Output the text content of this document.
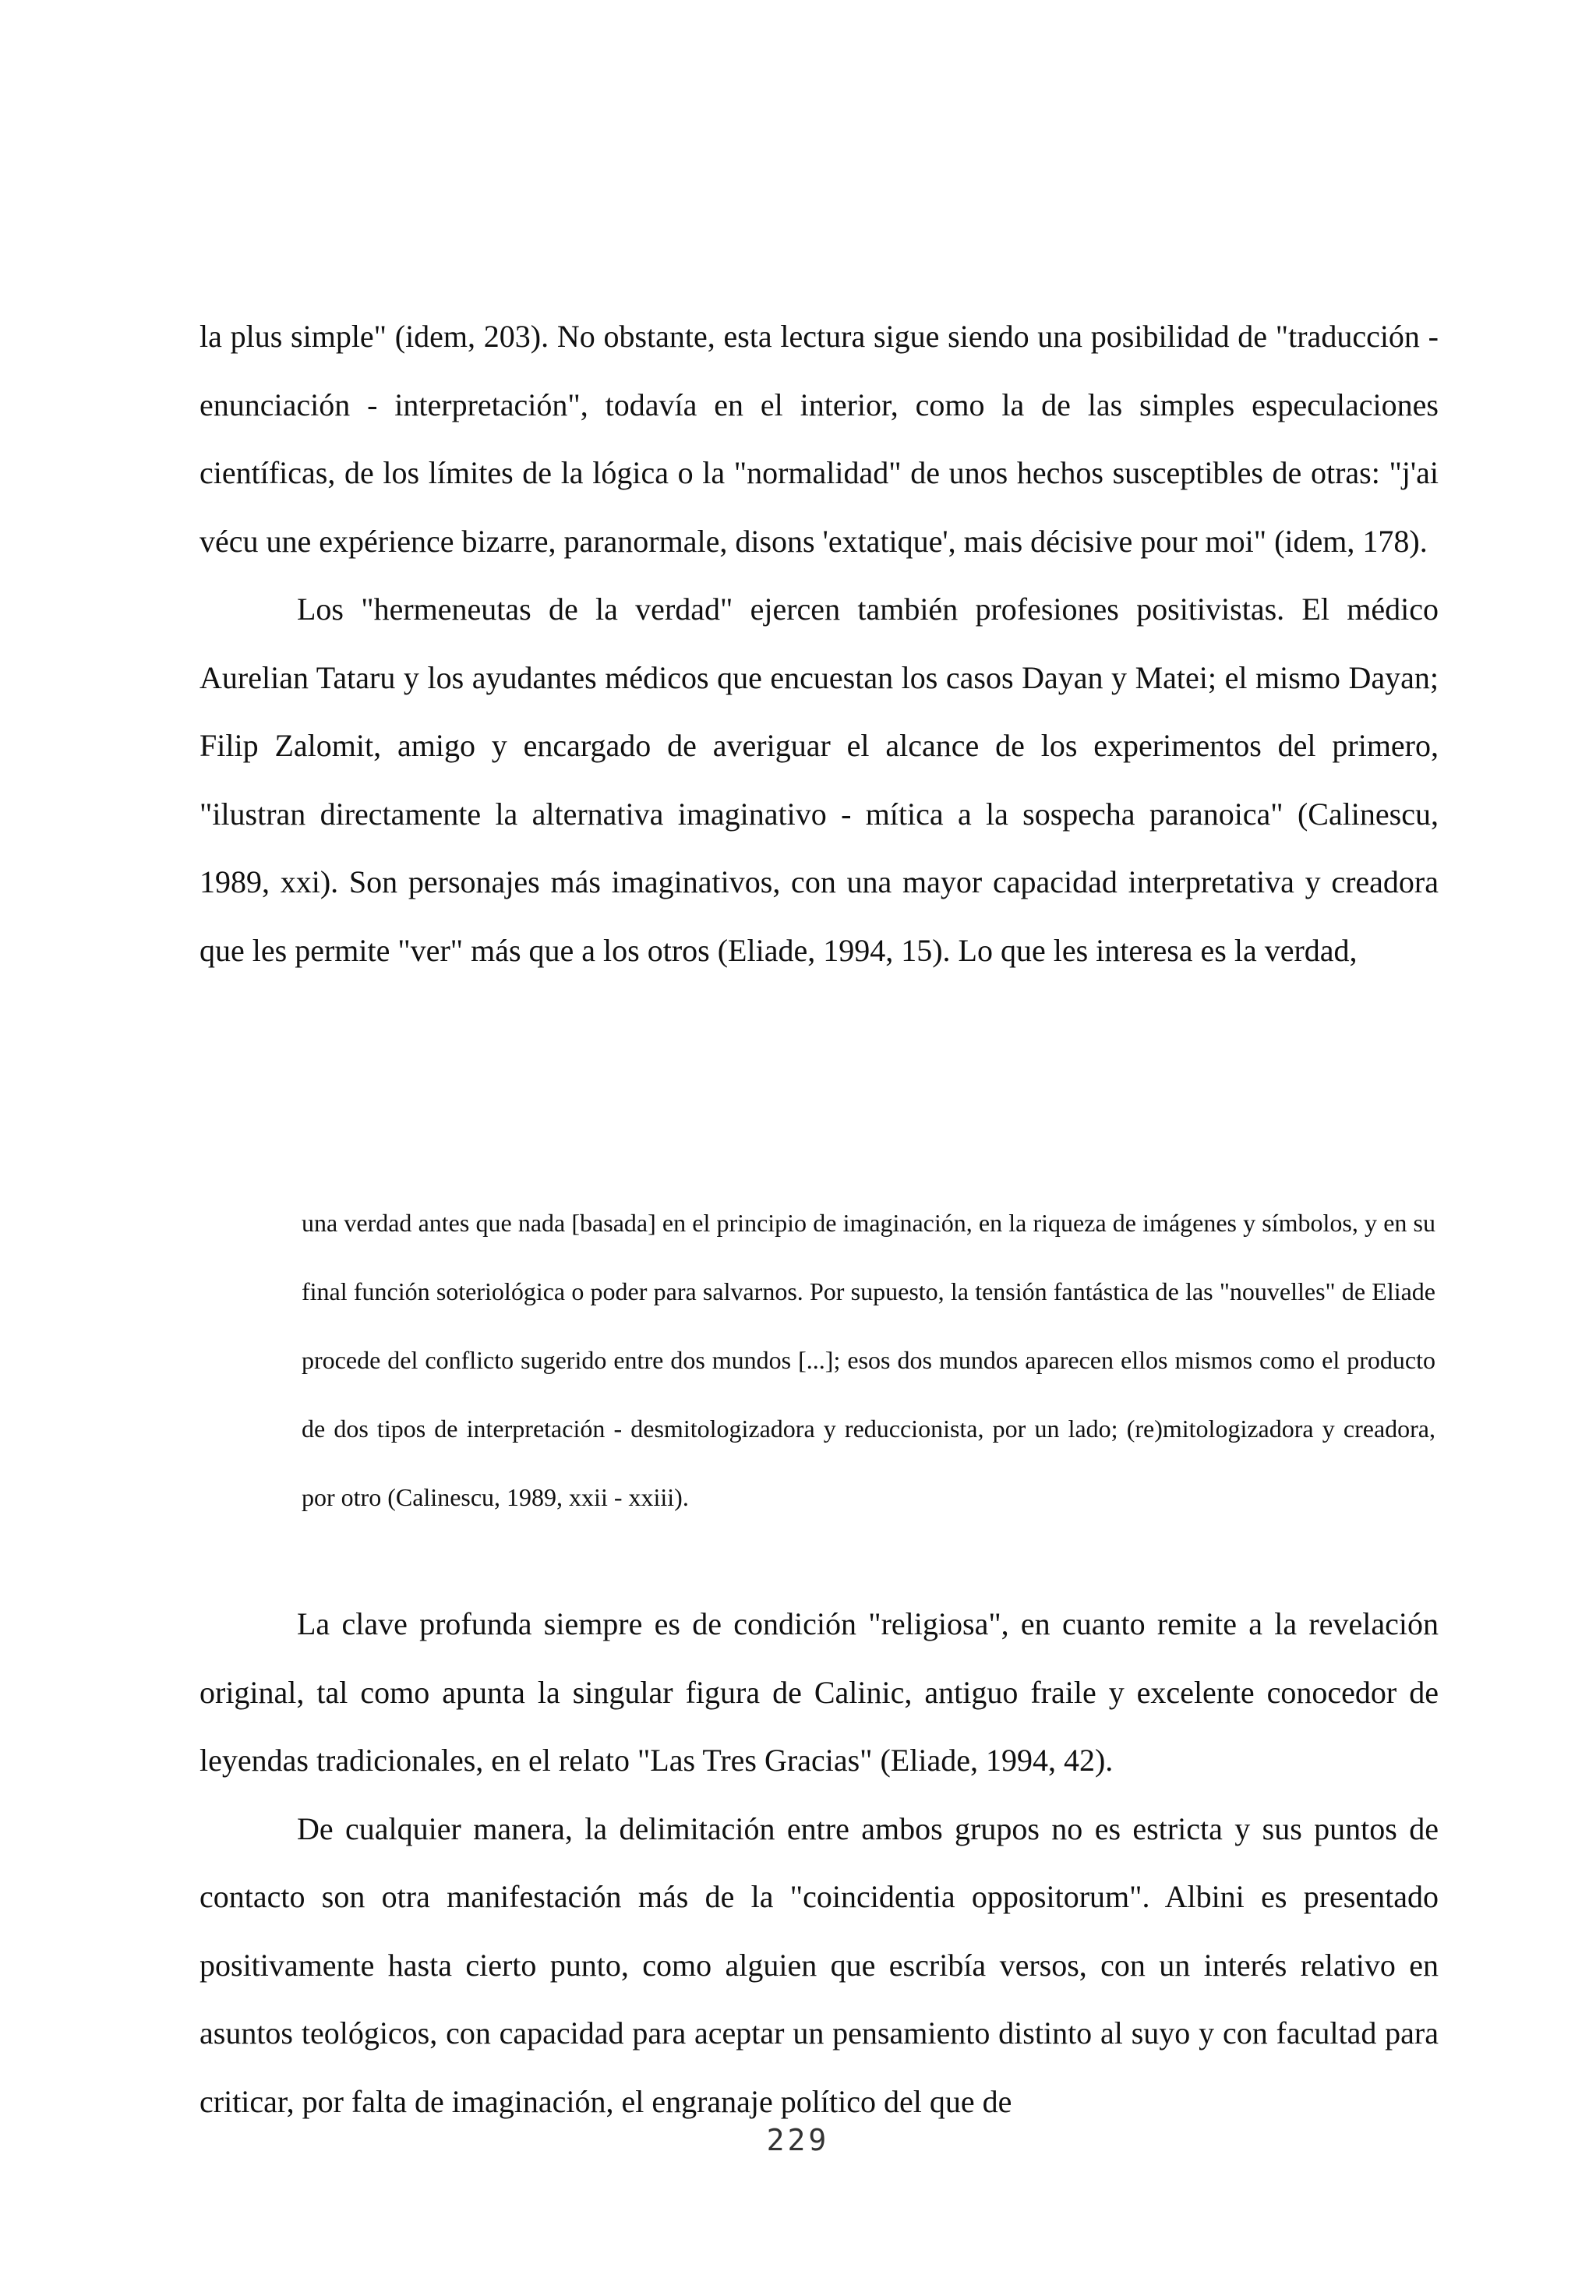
la plus simple" (idem, 203). No obstante, esta lectura sigue siendo una posibilidad de "traducción - enunciación - interpretación", todavía en el interior, como la de las simples especulaciones científicas, de los límites de la lógica o la "normalidad" de unos hechos susceptibles de otras: "j'ai vécu une expérience bizarre, paranormale, disons 'extatique', mais décisive pour moi" (idem, 178).

Los "hermeneutas de la verdad" ejercen también profesiones positivistas. El médico Aurelian Tataru y los ayudantes médicos que encuestan los casos Dayan y Matei; el mismo Dayan; Filip Zalomit, amigo y encargado de averiguar el alcance de los experimentos del primero, "ilustran directamente la alternativa imaginativo - mítica a la sospecha paranoica" (Calinescu, 1989, xxi). Son personajes más imaginativos, con una mayor capacidad interpretativa y creadora que les permite "ver" más que a los otros (Eliade, 1994, 15). Lo que les interesa es la verdad,

una verdad antes que nada [basada] en el principio de imaginación, en la riqueza de imágenes y símbolos, y en su final función soteriológica o poder para salvarnos. Por supuesto, la tensión fantástica de las "nouvelles" de Eliade procede del conflicto sugerido entre dos mundos [...]; esos dos mundos aparecen ellos mismos como el producto de dos tipos de interpretación - desmitologizadora y reduccionista, por un lado; (re)mitologizadora y creadora, por otro (Calinescu, 1989, xxii - xxiii).

La clave profunda siempre es de condición "religiosa", en cuanto remite a la revelación original, tal como apunta la singular figura de Calinic, antiguo fraile y excelente conocedor de leyendas tradicionales, en el relato "Las Tres Gracias" (Eliade, 1994, 42).

De cualquier manera, la delimitación entre ambos grupos no es estricta y sus puntos de contacto son otra manifestación más de la "coincidentia oppositorum". Albini es presentado positivamente hasta cierto punto, como alguien que escribía versos, con un interés relativo en asuntos teológicos, con capacidad para aceptar un pensamiento distinto al suyo y con facultad para criticar, por falta de imaginación, el engranaje político del que de

229
